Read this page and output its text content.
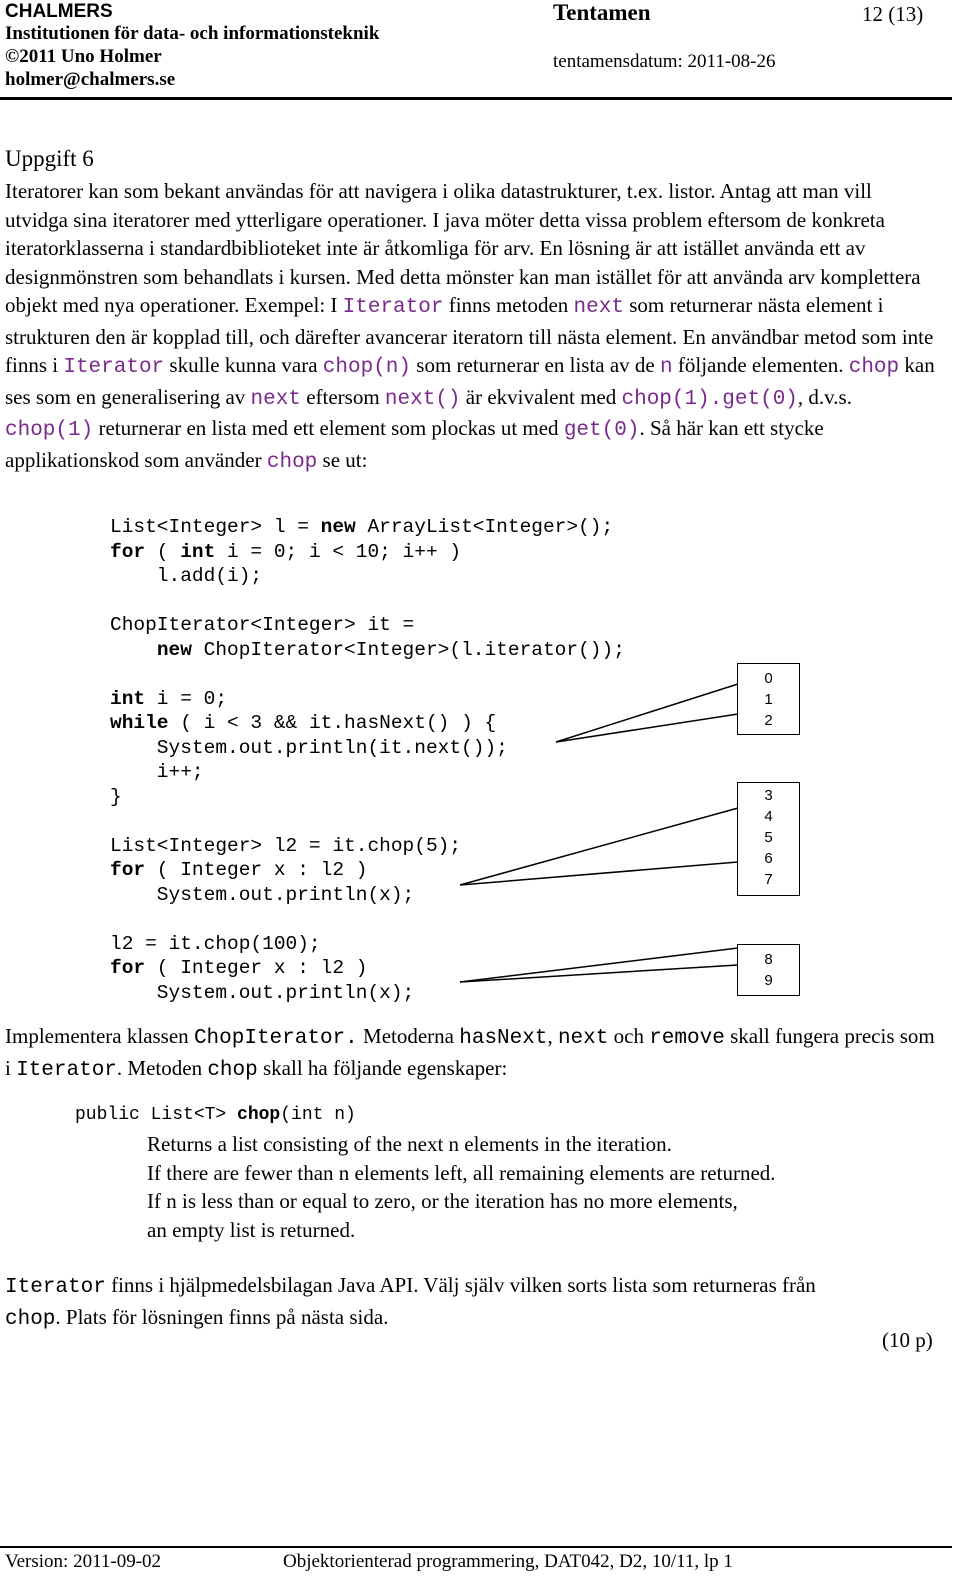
CHALMERS
Institutionen för data- och informationsteknik
©2011 Uno Holmer
holmer@chalmers.se
Tentamen	12 (13)
tentamensdatum: 2011-08-26
Uppgift 6
Iteratorer kan som bekant användas för att navigera i olika datastrukturer, t.ex. listor. Antag att man vill utvidga sina iteratorer med ytterligare operationer. I java möter detta vissa problem eftersom de konkreta iteratorklasserna i standardbiblioteket inte är åtkomliga för arv. En lösning är att istället använda ett av designmönstren som behandlats i kursen. Med detta mönster kan man istället för att använda arv komplettera objekt med nya operationer. Exempel: I Iterator finns metoden next som returnerar nästa element i strukturen den är kopplad till, och därefter avancerar iteratorn till nästa element. En användbar metod som inte finns i Iterator skulle kunna vara chop(n) som returnerar en lista av de n följande elementen. chop kan ses som en generalisering av next eftersom next() är ekvivalent med chop(1).get(0), d.v.s. chop(1) returnerar en lista med ett element som plockas ut med get(0). Så här kan ett stycke applikationskod som använder chop se ut:
List<Integer> l = new ArrayList<Integer>();
for ( int i = 0; i < 10; i++ )
l.add(i);
ChopIterator<Integer> it =
new ChopIterator<Integer>(l.iterator());
int i = 0;
while ( i < 3 && it.hasNext() ) {
System.out.println(it.next());
i++;
}
List<Integer> l2 = it.chop(5);
for ( Integer x : l2 )
System.out.println(x);
l2 = it.chop(100);
for ( Integer x : l2 )
System.out.println(x);
0
1
2
3
4
5
6
7
8
9
Implementera klassen ChopIterator. Metoderna hasNext, next och remove skall fungera precis som i Iterator. Metoden chop skall ha följande egenskaper:
public List<T> chop(int n)
Returns a list consisting of the next n elements in the iteration.
If there are fewer than n elements left, all remaining elements are returned.
If n is less than or equal to zero, or the iteration has no more elements,
an empty list is returned.
Iterator finns i hjälpmedelsbilagan Java API. Välj själv vilken sorts lista som returneras från
chop. Plats för lösningen finns på nästa sida.
(10 p)
Version: 2011-09-02	Objektorienterad programmering, DAT042, D2, 10/11, lp 1
